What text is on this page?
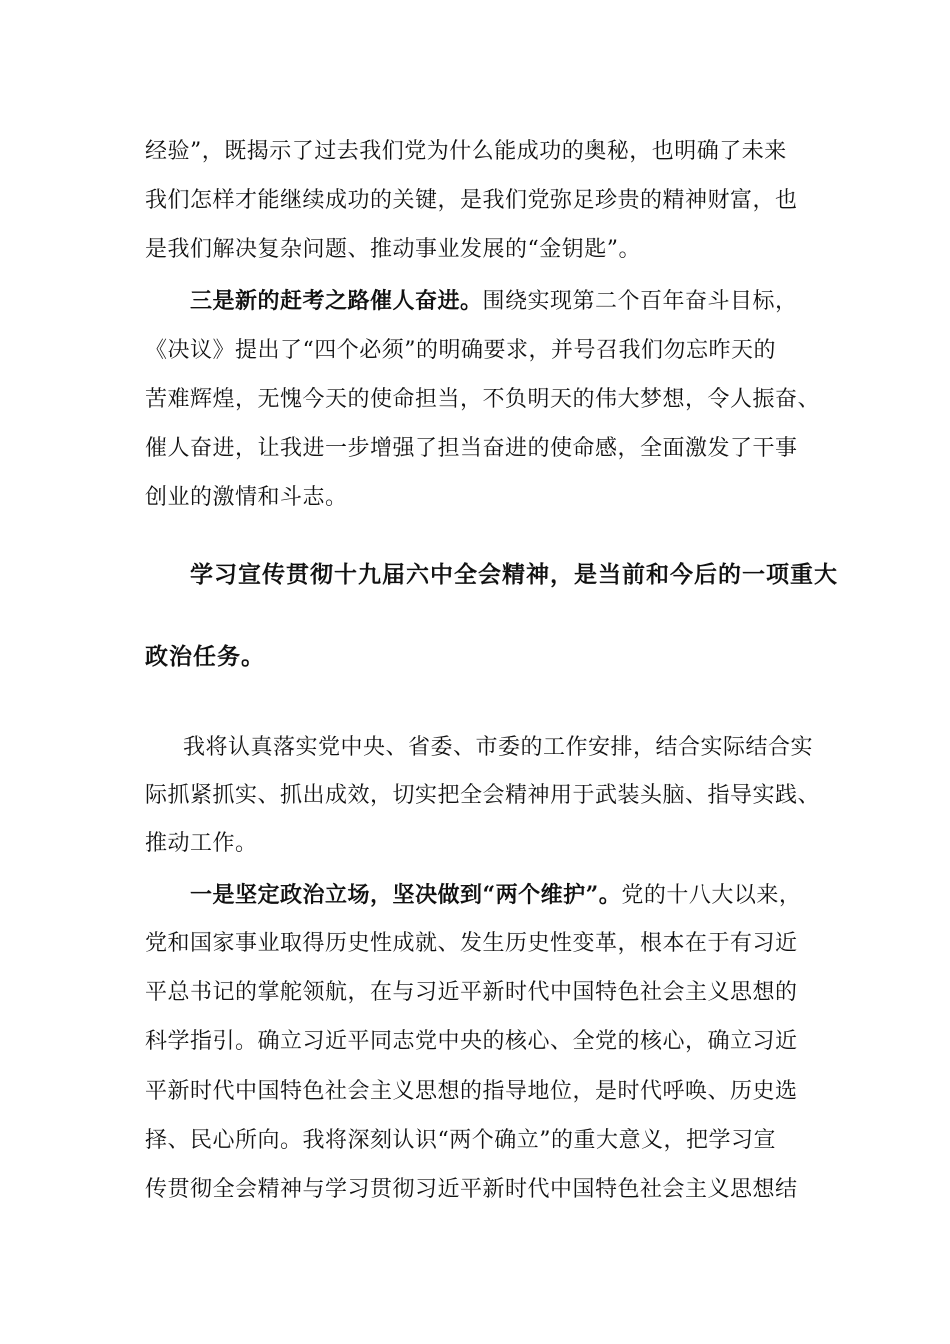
经验”，既揭示了过去我们党为什么能成功的奥秘，也明确了未来
我们怎样才能继续成功的关键，是我们党弥足珍贵的精神财富，也
是我们解决复杂问题、推动事业发展的“金钥匙”。
三是新的赶考之路催人奋进。围绕实现第二个百年奋斗目标，
《决议》提出了“四个必须”的明确要求，并号召我们勿忘昨天的
苦难辉煌，无愧今天的使命担当，不负明天的伟大梦想，令人振奋、
催人奋进，让我进一步增强了担当奋进的使命感，全面激发了干事
创业的激情和斗志。
学习宣传贯彻十九届六中全会精神，是当前和今后的一项重大
政治任务。
我将认真落实党中央、省委、市委的工作安排，结合实际结合实
际抓紧抓实、抓出成效，切实把全会精神用于武装头脑、指导实践、
推动工作。
一是坚定政治立场，坚决做到“两个维护”。党的十八大以来，
党和国家事业取得历史性成就、发生历史性变革，根本在于有习近
平总书记的掌舵领航，在与习近平新时代中国特色社会主义思想的
科学指引。确立习近平同志党中央的核心、全党的核心，确立习近
平新时代中国特色社会主义思想的指导地位，是时代呼唤、历史选
择、民心所向。我将深刻认识“两个确立”的重大意义，把学习宣
传贯彻全会精神与学习贯彻习近平新时代中国特色社会主义思想结
